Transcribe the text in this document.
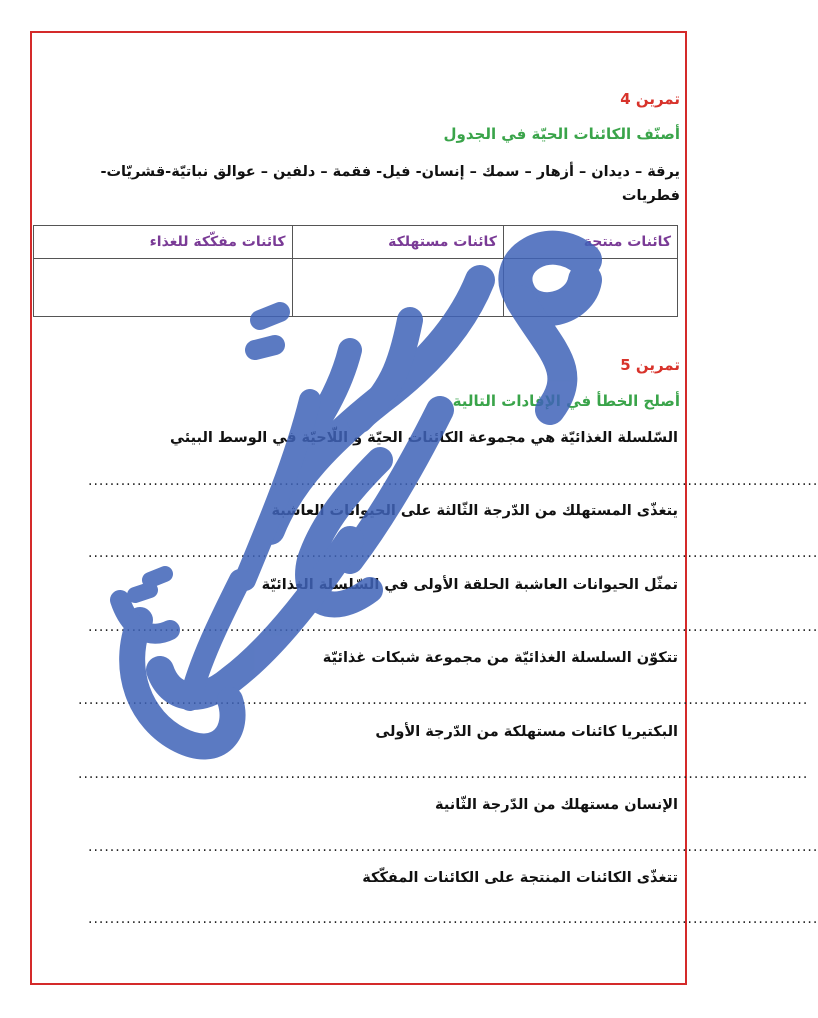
تمرين 4
أصنّف الكائنات الحيّة في الجدول
يرقة – ديدان – أزهار – سمك – إنسان- فيل- فقمة – دلفين – عوالق نباتيّة-قشريّات- فطريات
كائنات منتجة	كائنات مستهلكة	كائنات مفكّكة للغذاء

تمرين 5
أصلح الخطأ في الإفادات التالية
السّلسلة الغذائيّة هي مجموعة الكائنات الحيّة و اللّاحيّة في الوسط البيئي
......................................................................................................................................
يتغذّى المستهلك من الدّرجة الثّالثة على الحيوانات العاشبة
......................................................................................................................................
تمثّل الحيوانات العاشبة الحلقة الأولى في السّلسلة الغذائيّة
......................................................................................................................................
تتكوّن السلسلة الغذائيّة من مجموعة شبكات غذائيّة
......................................................................................................................................
البكتيريا كائنات مستهلكة من الدّرجة الأولى
......................................................................................................................................
الإنسان مستهلك من الدّرجة الثّانية
......................................................................................................................................
تتغذّى الكائنات المنتجة على الكائنات المفكّكة
......................................................................................................................................
